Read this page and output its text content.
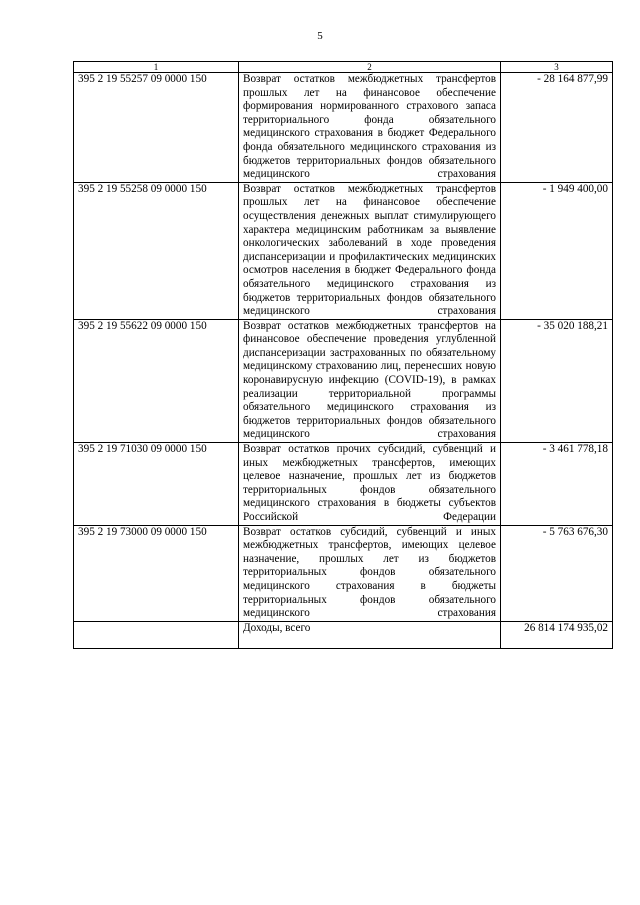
5
1	2	3
395 2 19 55257 09 0000 150	Возврат остатков межбюджетных трансфертов прошлых лет на финансовое обеспечение формирования нормированного страхового запаса территориального фонда обязательного медицинского страхования в бюджет Федерального фонда обязательного медицинского страхования из бюджетов территориальных фондов обязательного медицинского страхования	- 28 164 877,99
395 2 19 55258 09 0000 150	Возврат остатков межбюджетных трансфертов прошлых лет на финансовое обеспечение осуществления денежных выплат стимулирующего характера медицинским работникам за выявление онкологических заболеваний в ходе проведения диспансеризации и профилактических медицинских осмотров населения в бюджет Федерального фонда обязательного медицинского страхования из бюджетов территориальных фондов обязательного медицинского страхования	- 1 949 400,00
395 2 19 55622 09 0000 150	Возврат остатков межбюджетных трансфертов на финансовое обеспечение проведения углубленной диспансеризации застрахованных по обязательному медицинскому страхованию лиц, перенесших новую коронавирусную инфекцию (COVID-19), в рамках реализации территориальной программы обязательного медицинского страхования из бюджетов территориальных фондов обязательного медицинского страхования	- 35 020 188,21
395 2 19 71030 09 0000 150	Возврат остатков прочих субсидий, субвенций и иных межбюджетных трансфертов, имеющих целевое назначение, прошлых лет из бюджетов территориальных фондов обязательного медицинского страхования в бюджеты субъектов Российской Федерации	- 3 461 778,18
395 2 19 73000 09 0000 150	Возврат остатков субсидий, субвенций и иных межбюджетных трансфертов, имеющих целевое назначение, прошлых лет из бюджетов территориальных фондов обязательного медицинского страхования в бюджеты территориальных фондов обязательного медицинского страхования	- 5 763 676,30
	Доходы, всего	26 814 174 935,02
